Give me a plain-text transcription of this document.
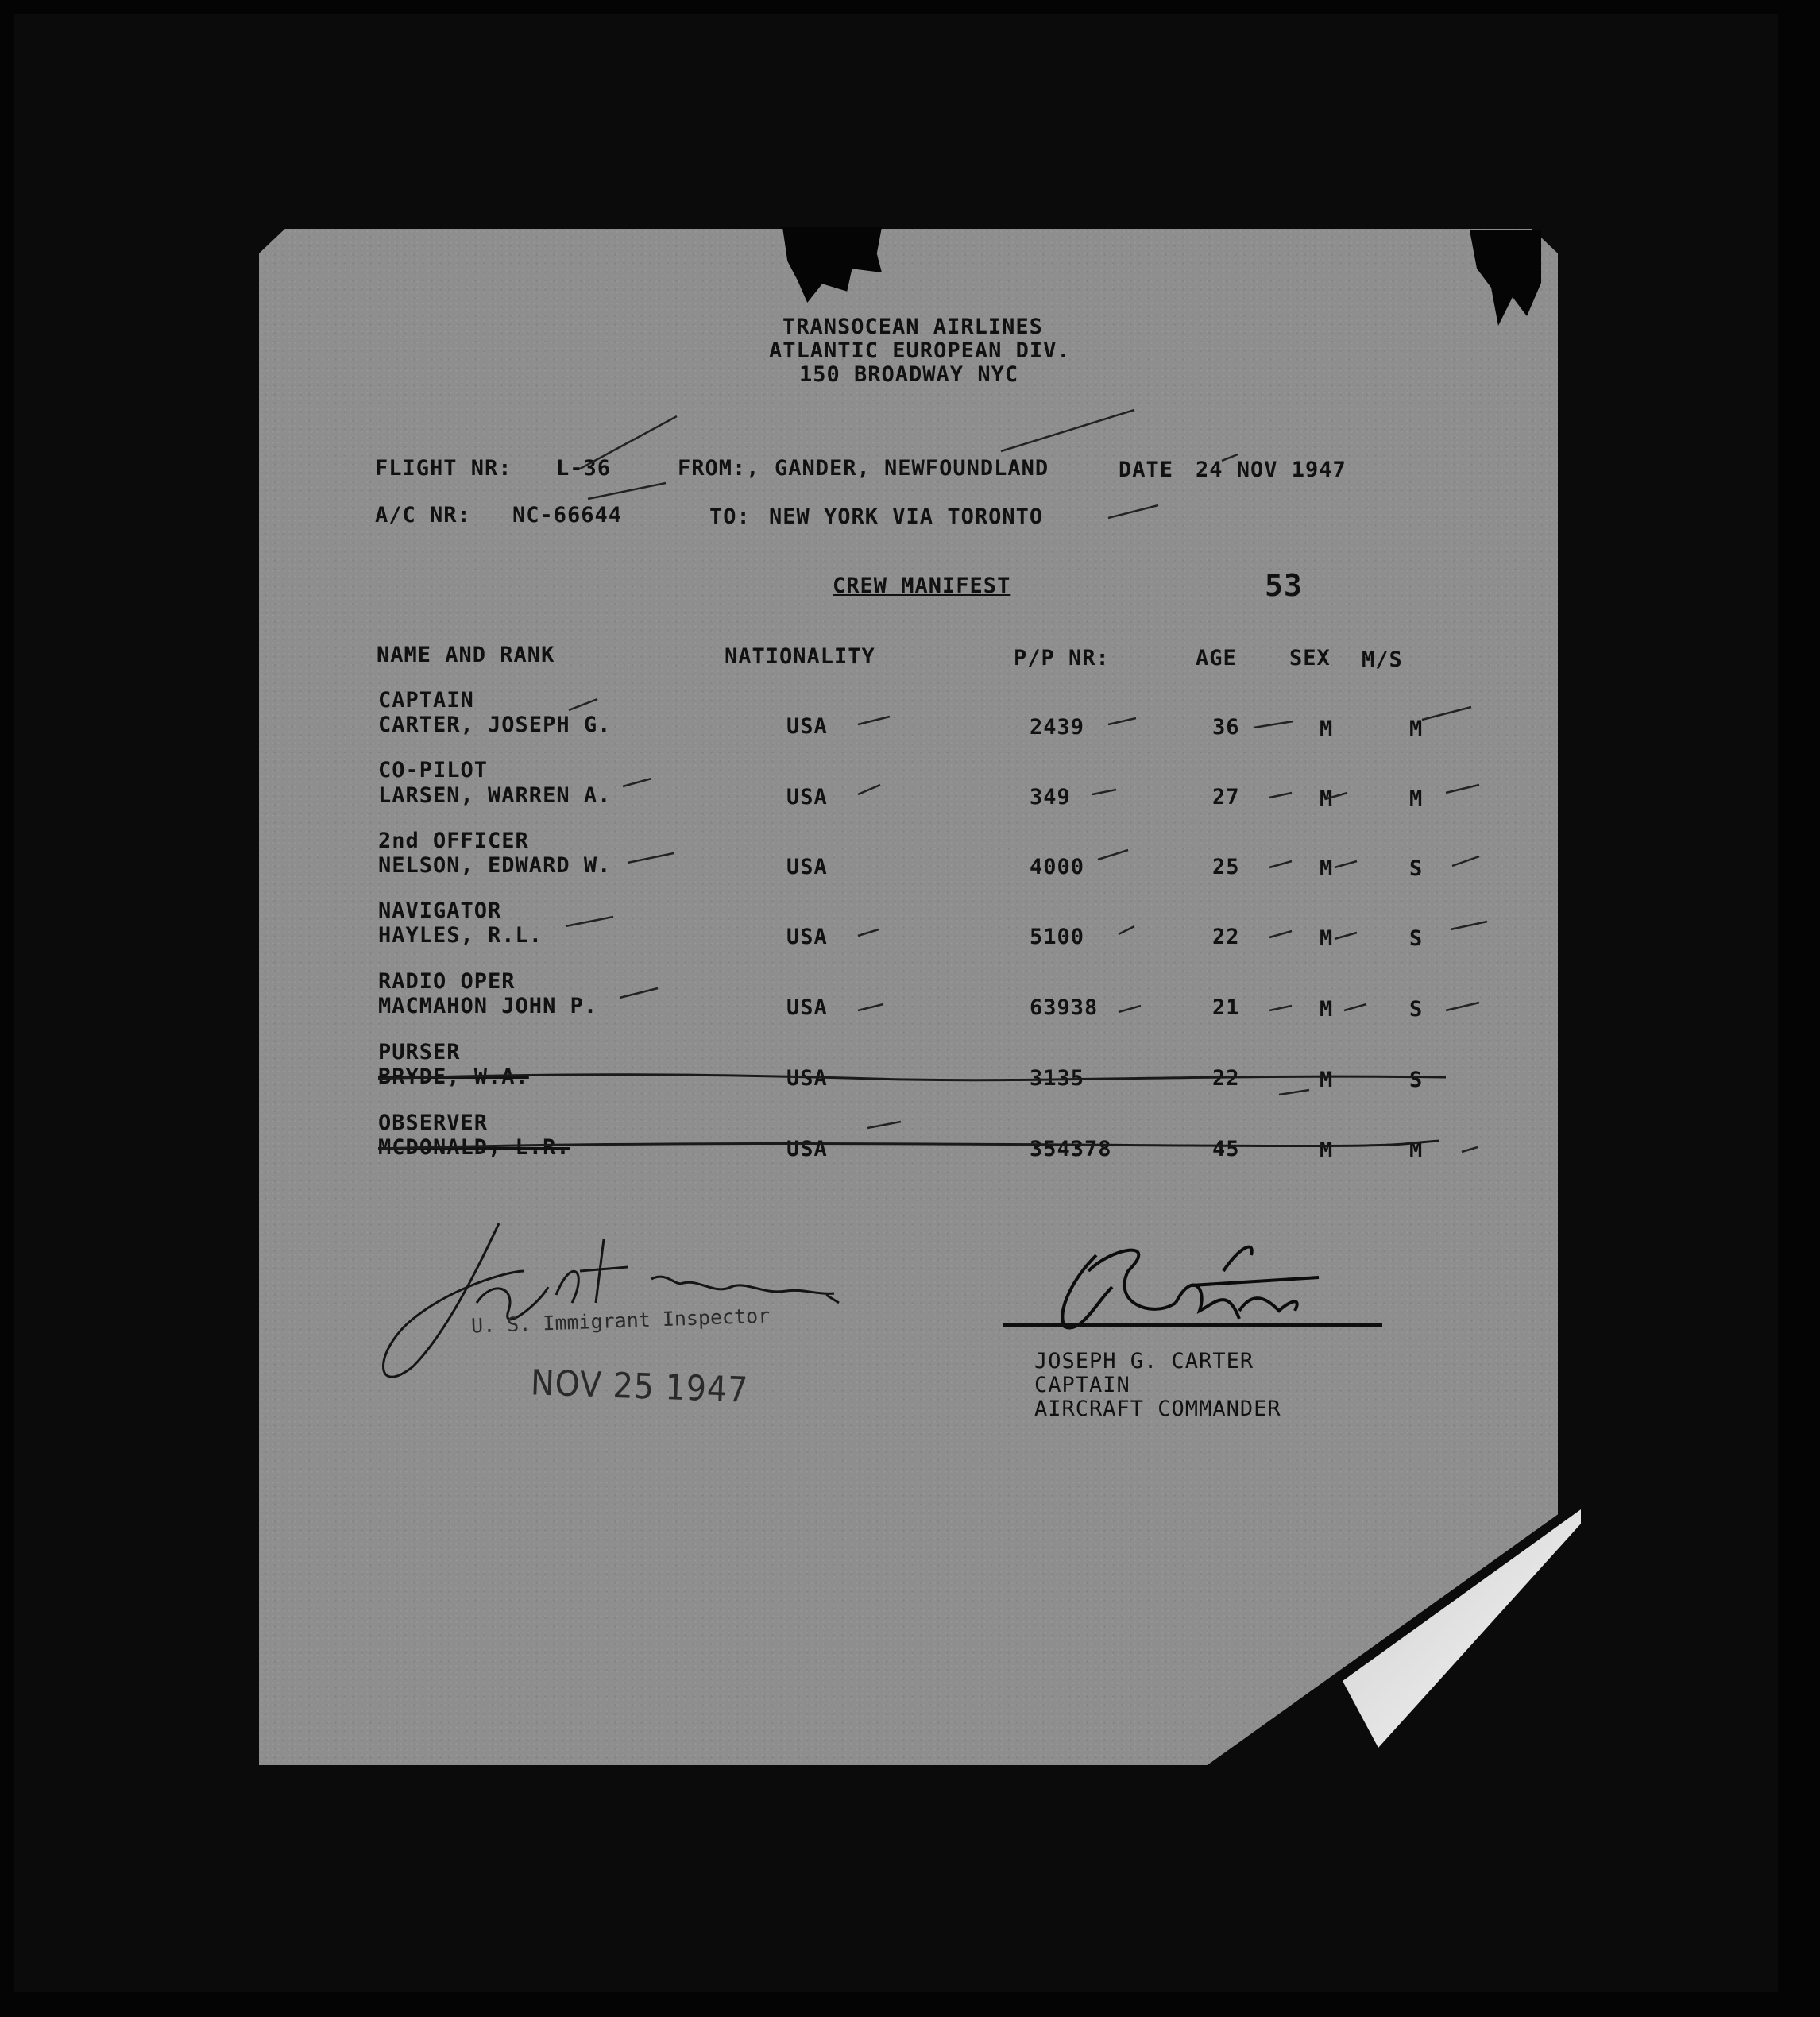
TRANSOCEAN AIRLINES
ATLANTIC EUROPEAN DIV.
150 BROADWAY NYC
FLIGHT NR: L-36	FROM:, GANDER, NEWFOUNDLAND	DATE 24 NOV 1947
A/C NR: NC-66644	TO: NEW YORK VIA TORONTO
CREW MANIFEST	53
NAME AND RANK	NATIONALITY	P/P NR:	AGE SEX M/S
CAPTAIN
CARTER, JOSEPH G.	USA	2439	36	M	M
CO-PILOT
LARSEN, WARREN A.	USA	349	27	M	M
2nd OFFICER
NELSON, EDWARD W.	USA	4000	25	M	S
NAVIGATOR
HAYLES, R.L.	USA	5100	22	M	S
RADIO OPER
MACMAHON JOHN P.	USA	63938	21	M	S
PURSER
BRYDE, W.A.	USA	3135	22	M	S
OBSERVER
MCDONALD, L.R.	USA	354378	45	M	M
U. S. Immigrant Inspector
NOV 25 1947
JOSEPH G. CARTER
CAPTAIN
AIRCRAFT COMMANDER
